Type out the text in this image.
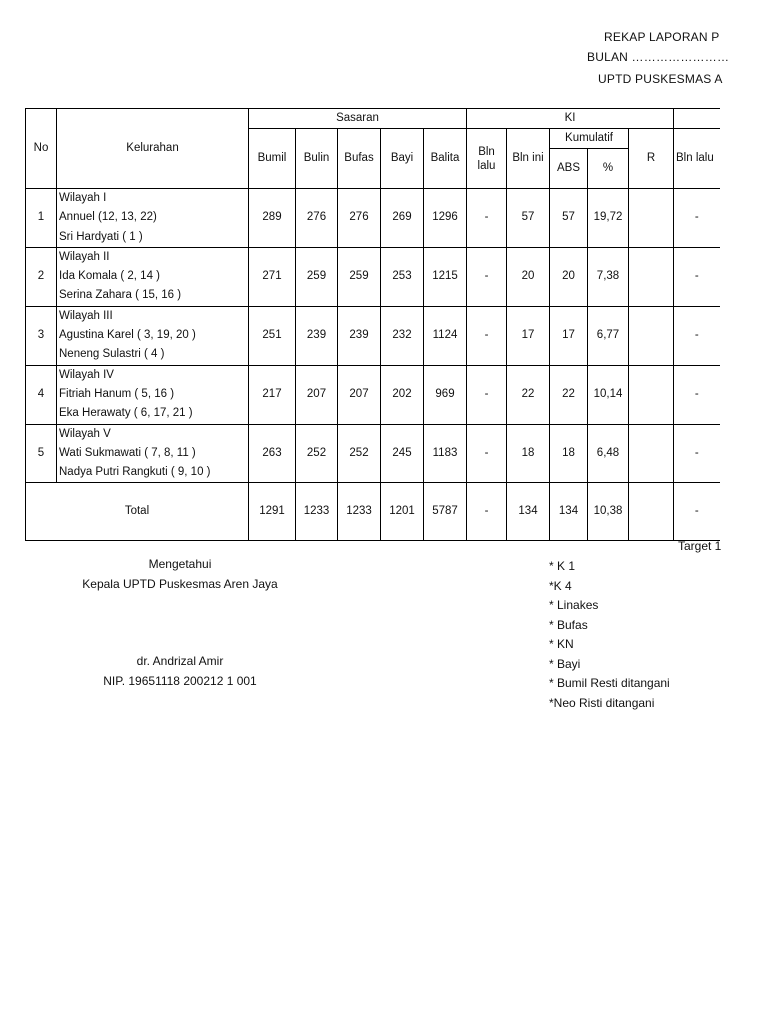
REKAP LAPORAN P
BULAN ……………………
UPTD PUSKESMAS A
No	Kelurahan	Sasaran					KI					
		Bumil	Bulin	Bufas	Bayi	Balita	Bln lalu	Bln ini	Kumulatif		R	Bln lalu
									ABS	%		

1	Wilayah I
Annuel (12, 13, 22)
Sri Hardyati ( 1 )	289	276	276	269	1296	-	57	57	19,72		-
2	Wilayah II
Ida Komala ( 2, 14 )
Serina Zahara ( 15, 16 )	271	259	259	253	1215	-	20	20	7,38		-
3	Wilayah III
Agustina Karel ( 3, 19, 20 )
Neneng Sulastri ( 4 )	251	239	239	232	1124	-	17	17	6,77		-
4	Wilayah IV
Fitriah Hanum ( 5, 16 )
Eka Herawaty ( 6, 17, 21 )	217	207	207	202	969	-	22	22	10,14		-
5	Wilayah V
Wati Sukmawati ( 7, 8, 11 )
Nadya Putri Rangkuti ( 9, 10 )	263	252	252	245	1183	-	18	18	6,48		-
Total		1291	1233	1233	1201	5787	-	134	134	10,38		-
Target 1
Mengetahui
Kepala UPTD Puskesmas Aren Jaya
dr. Andrizal Amir
NIP. 19651118 200212 1 001
* K 1
*K 4
* Linakes
* Bufas
* KN
* Bayi
* Bumil Resti ditangani
*Neo Risti ditangani
